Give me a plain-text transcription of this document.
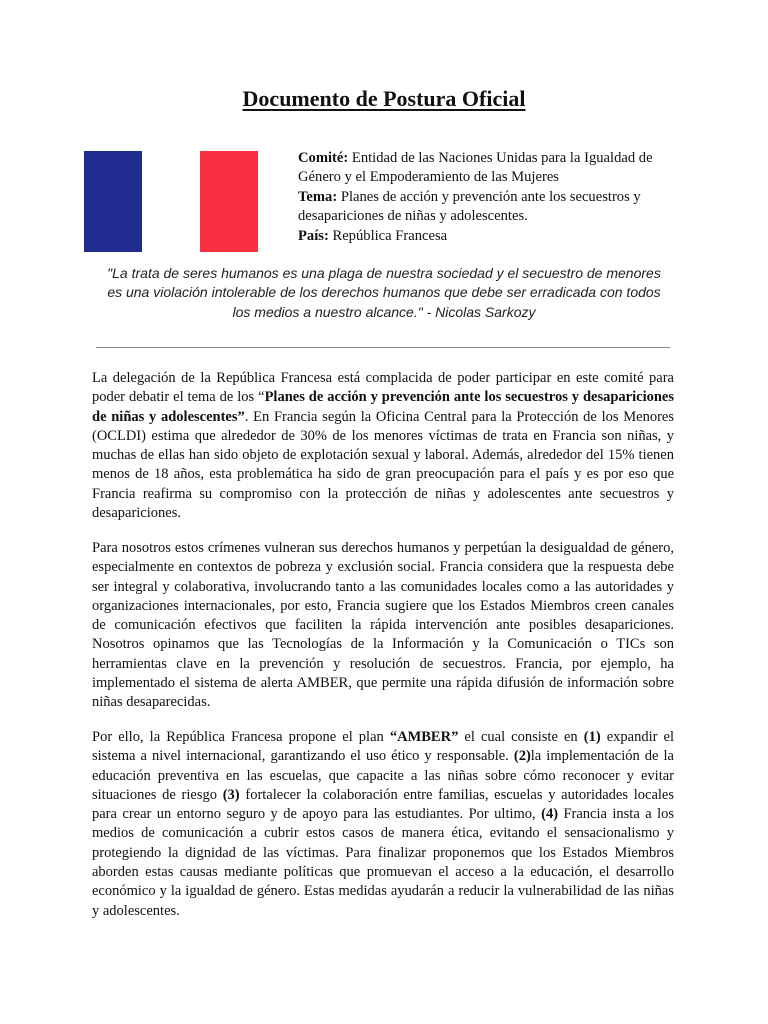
Documento de Postura Oficial
Comité: Entidad de las Naciones Unidas para la Igualdad de Género y el Empoderamiento de las Mujeres
Tema: Planes de acción y prevención ante los secuestros y desapariciones de niñas y adolescentes.
País: República Francesa
"La trata de seres humanos es una plaga de nuestra sociedad y el secuestro de menores es una violación intolerable de los derechos humanos que debe ser erradicada con todos los medios a nuestro alcance." - Nicolas Sarkozy

La delegación de la República Francesa está complacida de poder participar en este comité para poder debatir el tema de los “Planes de acción y prevención ante los secuestros y desapariciones de niñas y adolescentes”. En Francia según la Oficina Central para la Protección de los Menores (OCLDI) estima que alrededor de 30% de los menores víctimas de trata en Francia son niñas, y muchas de ellas han sido objeto de explotación sexual y laboral. Además, alrededor del 15% tienen menos de 18 años, esta problemática ha sido de gran preocupación para el país y es por eso que Francia reafirma su compromiso con la protección de niñas y adolescentes ante secuestros y desapariciones.

Para nosotros estos crímenes vulneran sus derechos humanos y perpetúan la desigualdad de género, especialmente en contextos de pobreza y exclusión social. Francia considera que la respuesta debe ser integral y colaborativa, involucrando tanto a las comunidades locales como a las autoridades y organizaciones internacionales, por esto, Francia sugiere que los Estados Miembros creen canales de comunicación efectivos que faciliten la rápida intervención ante posibles desapariciones. Nosotros opinamos que las Tecnologías de la Información y la Comunicación o TICs son herramientas clave en la prevención y resolución de secuestros. Francia, por ejemplo, ha implementado el sistema de alerta AMBER, que permite una rápida difusión de información sobre niñas desaparecidas.

Por ello, la República Francesa propone el plan “AMBER” el cual consiste en (1) expandir el sistema a nivel internacional, garantizando el uso ético y responsable. (2)la implementación de la educación preventiva en las escuelas, que capacite a las niñas sobre cómo reconocer y evitar situaciones de riesgo (3) fortalecer la colaboración entre familias, escuelas y autoridades locales para crear un entorno seguro y de apoyo para las estudiantes. Por ultimo, (4) Francia insta a los medios de comunicación a cubrir estos casos de manera ética, evitando el sensacionalismo y protegiendo la dignidad de las víctimas. Para finalizar proponemos que los Estados Miembros aborden estas causas mediante políticas que promuevan el acceso a la educación, el desarrollo económico y la igualdad de género. Estas medidas ayudarán a reducir la vulnerabilidad de las niñas y adolescentes.
